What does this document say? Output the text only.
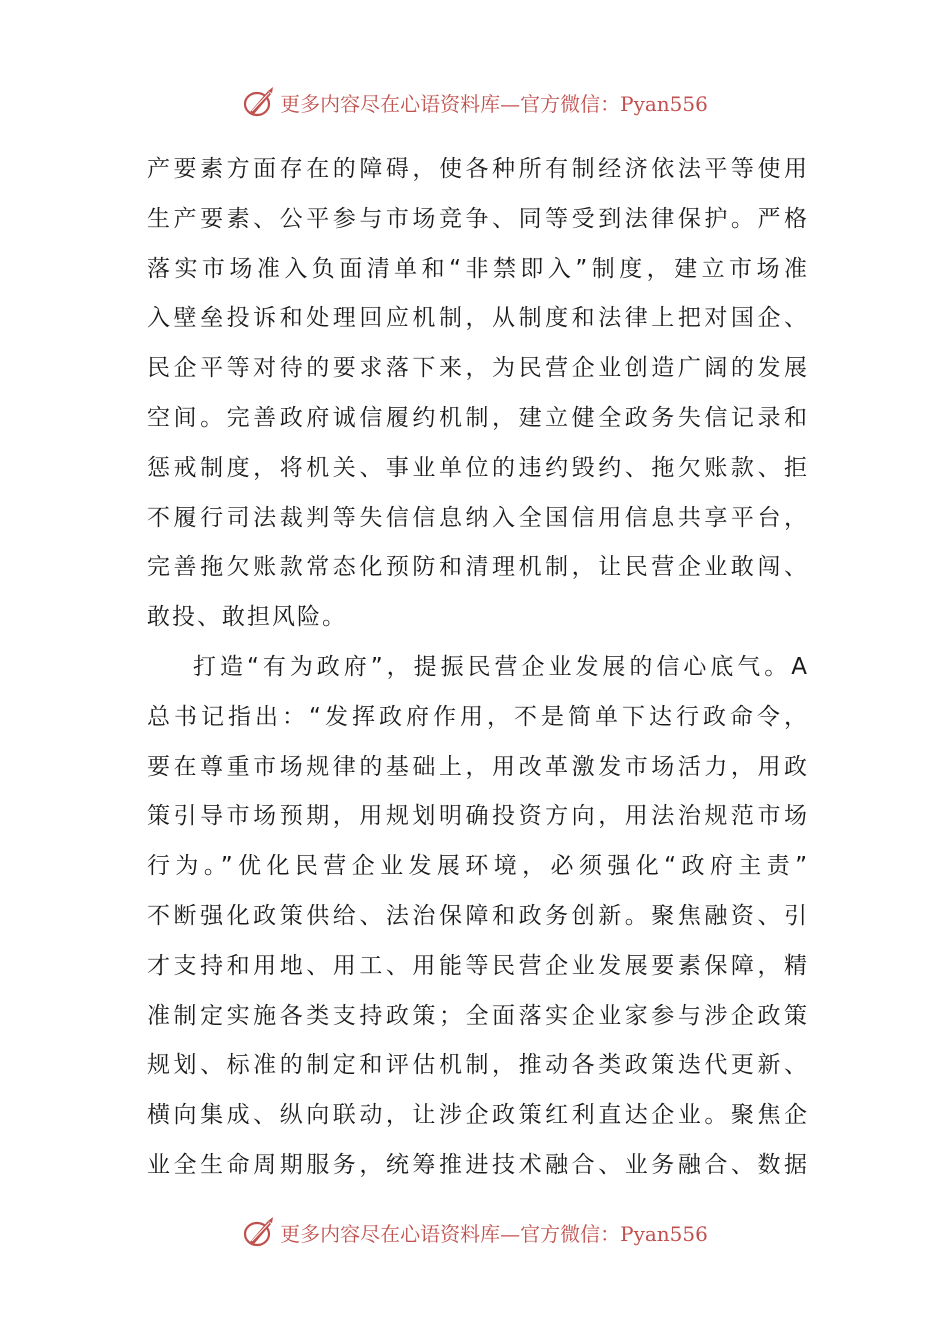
更多内容尽在心语资料库—官方微信：Pyan556
产要素方面存在的障碍，使各种所有制经济依法平等使用
生产要素、公平参与市场竞争、同等受到法律保护。严格
落实市场准入负面清单和“非禁即入”制度，建立市场准
入壁垒投诉和处理回应机制，从制度和法律上把对国企、
民企平等对待的要求落下来，为民营企业创造广阔的发展
空间。完善政府诚信履约机制，建立健全政务失信记录和
惩戒制度，将机关、事业单位的违约毁约、拖欠账款、拒
不履行司法裁判等失信信息纳入全国信用信息共享平台，
完善拖欠账款常态化预防和清理机制，让民营企业敢闯、
敢投、敢担风险。
打造“有为政府”，提振民营企业发展的信心底气。A
总书记指出：“发挥政府作用，不是简单下达行政命令，
要在尊重市场规律的基础上，用改革激发市场活力，用政
策引导市场预期，用规划明确投资方向，用法治规范市场
行为。”优化民营企业发展环境，必须强化“政府主责”
不断强化政策供给、法治保障和政务创新。聚焦融资、引
才支持和用地、用工、用能等民营企业发展要素保障，精
准制定实施各类支持政策；全面落实企业家参与涉企政策
规划、标准的制定和评估机制，推动各类政策迭代更新、
横向集成、纵向联动，让涉企政策红利直达企业。聚焦企
业全生命周期服务，统筹推进技术融合、业务融合、数据
更多内容尽在心语资料库—官方微信：Pyan556
